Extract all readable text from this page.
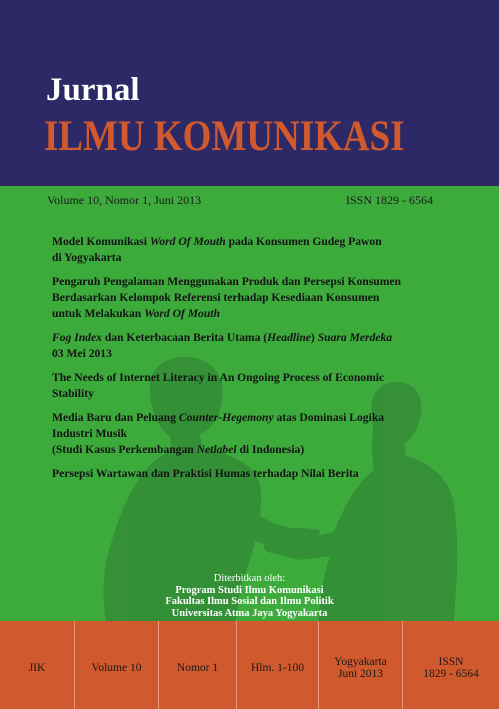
Jurnal
ILMU KOMUNIKASI
Volume 10, Nomor 1, Juni 2013	ISSN 1829 - 6564
Model Komunikasi Word Of Mouth pada Konsumen Gudeg Pawon
di Yogyakarta
Pengaruh Pengalaman Menggunakan Produk dan Persepsi Konsumen
Berdasarkan Kelompok Referensi terhadap Kesediaan Konsumen
untuk Melakukan Word Of Mouth
Fog Index dan Keterbacaan Berita Utama (Headline) Suara Merdeka
03 Mei 2013
The Needs of Internet Literacy in An Ongoing Process of Economic
Stability
Media Baru dan Peluang Counter-Hegemony atas Dominasi Logika
Industri Musik
(Studi Kasus Perkembangan Netlabel di Indonesia)
Persepsi Wartawan dan Praktisi Humas terhadap Nilai Berita
Diterbitkan oleh:
Program Studi Ilmu Komunikasi
Fakultas Ilmu Sosial dan Ilmu Politik
Universitas Atma Jaya Yogyakarta
JIK	Volume 10	Nomor 1	Hlm. 1-100	Yogyakarta
Juni 2013
ISSN
1829 - 6564
